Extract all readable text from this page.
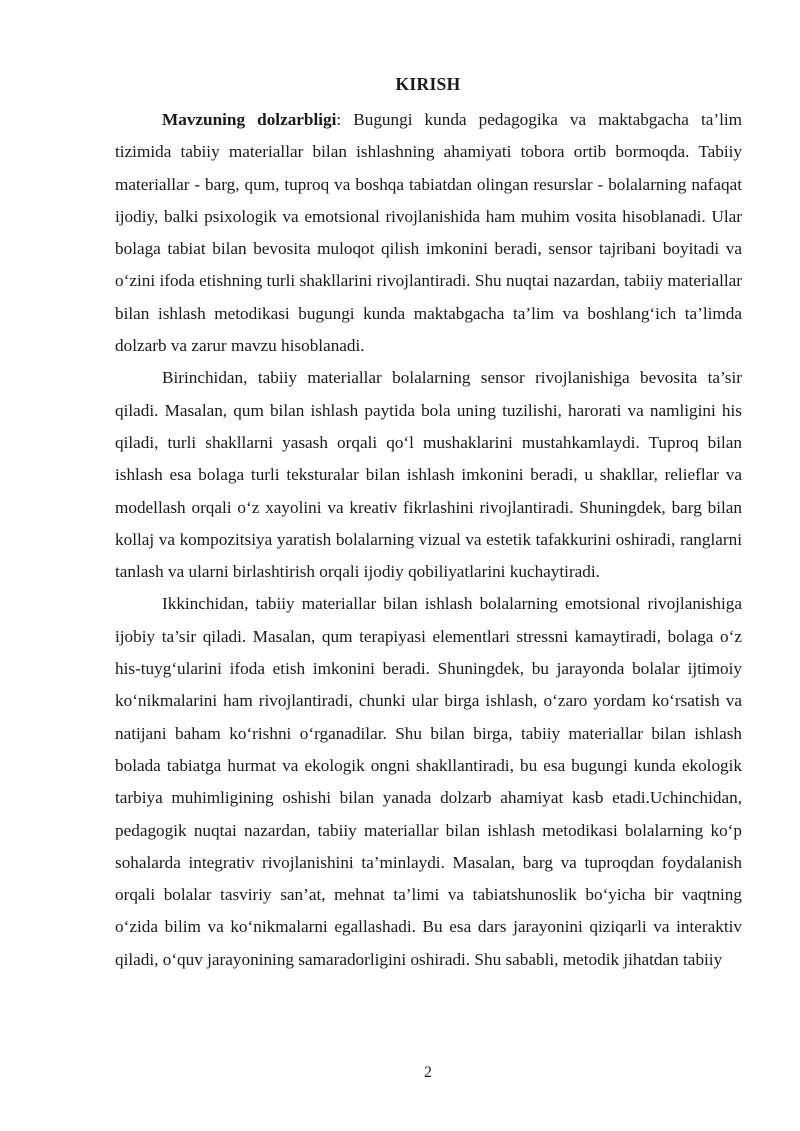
KIRISH

Mavzuning dolzarbligi: Bugungi kunda pedagogika va maktabgacha ta’lim tizimida tabiiy materiallar bilan ishlashning ahamiyati tobora ortib bormoqda. Tabiiy materiallar - barg, qum, tuproq va boshqa tabiatdan olingan resurslar - bolalarning nafaqat ijodiy, balki psixologik va emotsional rivojlanishida ham muhim vosita hisoblanadi. Ular bolaga tabiat bilan bevosita muloqot qilish imkonini beradi, sensor tajribani boyitadi va o‘zini ifoda etishning turli shakllarini rivojlantiradi. Shu nuqtai nazardan, tabiiy materiallar bilan ishlash metodikasi bugungi kunda maktabgacha ta’lim va boshlang‘ich ta’limda dolzarb va zarur mavzu hisoblanadi.

Birinchidan, tabiiy materiallar bolalarning sensor rivojlanishiga bevosita ta’sir qiladi. Masalan, qum bilan ishlash paytida bola uning tuzilishi, harorati va namligini his qiladi, turli shakllarni yasash orqali qo‘l mushaklarini mustahkamlaydi. Tuproq bilan ishlash esa bolaga turli teksturalar bilan ishlash imkonini beradi, u shakllar, relieflar va modellash orqali o‘z xayolini va kreativ fikrlashini rivojlantiradi. Shuningdek, barg bilan kollaj va kompozitsiya yaratish bolalarning vizual va estetik tafakkurini oshiradi, ranglarni tanlash va ularni birlashtirish orqali ijodiy qobiliyatlarini kuchaytiradi.

Ikkinchidan, tabiiy materiallar bilan ishlash bolalarning emotsional rivojlanishiga ijobiy ta’sir qiladi. Masalan, qum terapiyasi elementlari stressni kamaytiradi, bolaga o‘z his-tuyg‘ularini ifoda etish imkonini beradi. Shuningdek, bu jarayonda bolalar ijtimoiy ko‘nikmalarini ham rivojlantiradi, chunki ular birga ishlash, o‘zaro yordam ko‘rsatish va natijani baham ko‘rishni o‘rganadilar. Shu bilan birga, tabiiy materiallar bilan ishlash bolada tabiatga hurmat va ekologik ongni shakllantiradi, bu esa bugungi kunda ekologik tarbiya muhimligining oshishi bilan yanada dolzarb ahamiyat kasb etadi.Uchinchidan, pedagogik nuqtai nazardan, tabiiy materiallar bilan ishlash metodikasi bolalarning ko‘p sohalarda integrativ rivojlanishini ta’minlaydi. Masalan, barg va tuproqdan foydalanish orqali bolalar tasviriy san’at, mehnat ta’limi va tabiatshunoslik bo‘yicha bir vaqtning o‘zida bilim va ko‘nikmalarni egallashadi. Bu esa dars jarayonini qiziqarli va interaktiv qiladi, o‘quv jarayonining samaradorligini oshiradi. Shu sababli, metodik jihatdan tabiiy

2
